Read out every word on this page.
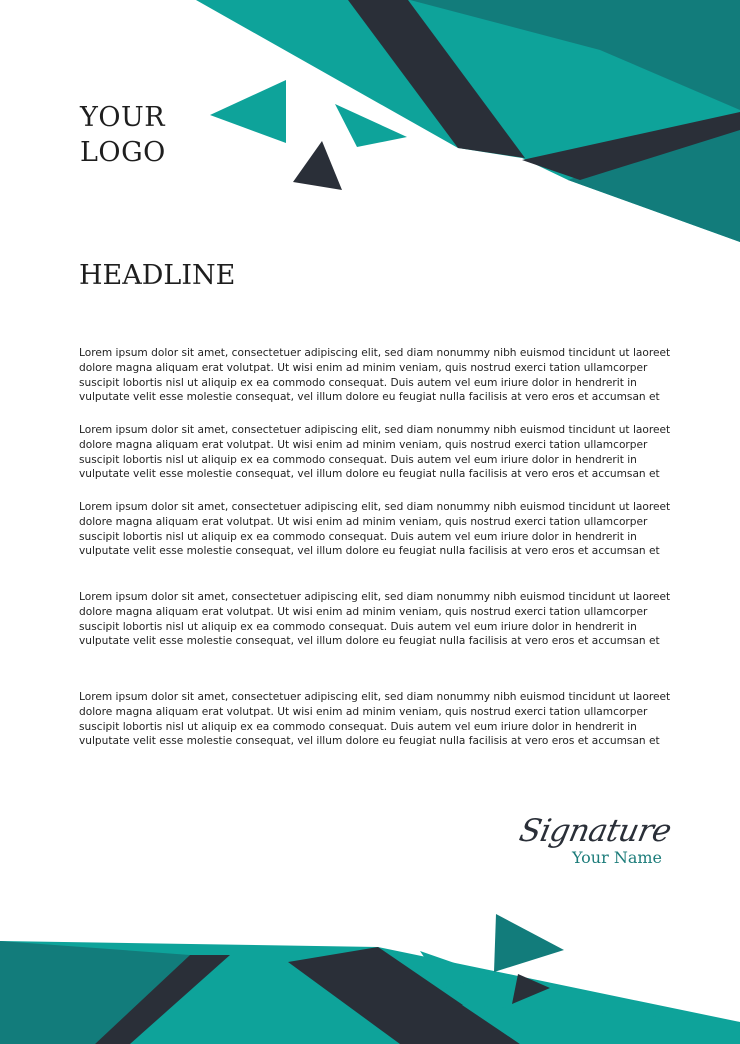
YOUR
LOGO
HEADLINE

Lorem ipsum dolor sit amet, consectetuer adipiscing elit, sed diam nonummy nibh euismod tincidunt ut laoreet
dolore magna aliquam erat volutpat. Ut wisi enim ad minim veniam, quis nostrud exerci tation ullamcorper
suscipit lobortis nisl ut aliquip ex ea commodo consequat. Duis autem vel eum iriure dolor in hendrerit in
vulputate velit esse molestie consequat, vel illum dolore eu feugiat nulla facilisis at vero eros et accumsan et

Lorem ipsum dolor sit amet, consectetuer adipiscing elit, sed diam nonummy nibh euismod tincidunt ut laoreet
dolore magna aliquam erat volutpat. Ut wisi enim ad minim veniam, quis nostrud exerci tation ullamcorper
suscipit lobortis nisl ut aliquip ex ea commodo consequat. Duis autem vel eum iriure dolor in hendrerit in
vulputate velit esse molestie consequat, vel illum dolore eu feugiat nulla facilisis at vero eros et accumsan et

Lorem ipsum dolor sit amet, consectetuer adipiscing elit, sed diam nonummy nibh euismod tincidunt ut laoreet
dolore magna aliquam erat volutpat. Ut wisi enim ad minim veniam, quis nostrud exerci tation ullamcorper
suscipit lobortis nisl ut aliquip ex ea commodo consequat. Duis autem vel eum iriure dolor in hendrerit in
vulputate velit esse molestie consequat, vel illum dolore eu feugiat nulla facilisis at vero eros et accumsan et

Lorem ipsum dolor sit amet, consectetuer adipiscing elit, sed diam nonummy nibh euismod tincidunt ut laoreet
dolore magna aliquam erat volutpat. Ut wisi enim ad minim veniam, quis nostrud exerci tation ullamcorper
suscipit lobortis nisl ut aliquip ex ea commodo consequat. Duis autem vel eum iriure dolor in hendrerit in
vulputate velit esse molestie consequat, vel illum dolore eu feugiat nulla facilisis at vero eros et accumsan et

Lorem ipsum dolor sit amet, consectetuer adipiscing elit, sed diam nonummy nibh euismod tincidunt ut laoreet
dolore magna aliquam erat volutpat. Ut wisi enim ad minim veniam, quis nostrud exerci tation ullamcorper
suscipit lobortis nisl ut aliquip ex ea commodo consequat. Duis autem vel eum iriure dolor in hendrerit in
vulputate velit esse molestie consequat, vel illum dolore eu feugiat nulla facilisis at vero eros et accumsan et

Signature
Your Name
